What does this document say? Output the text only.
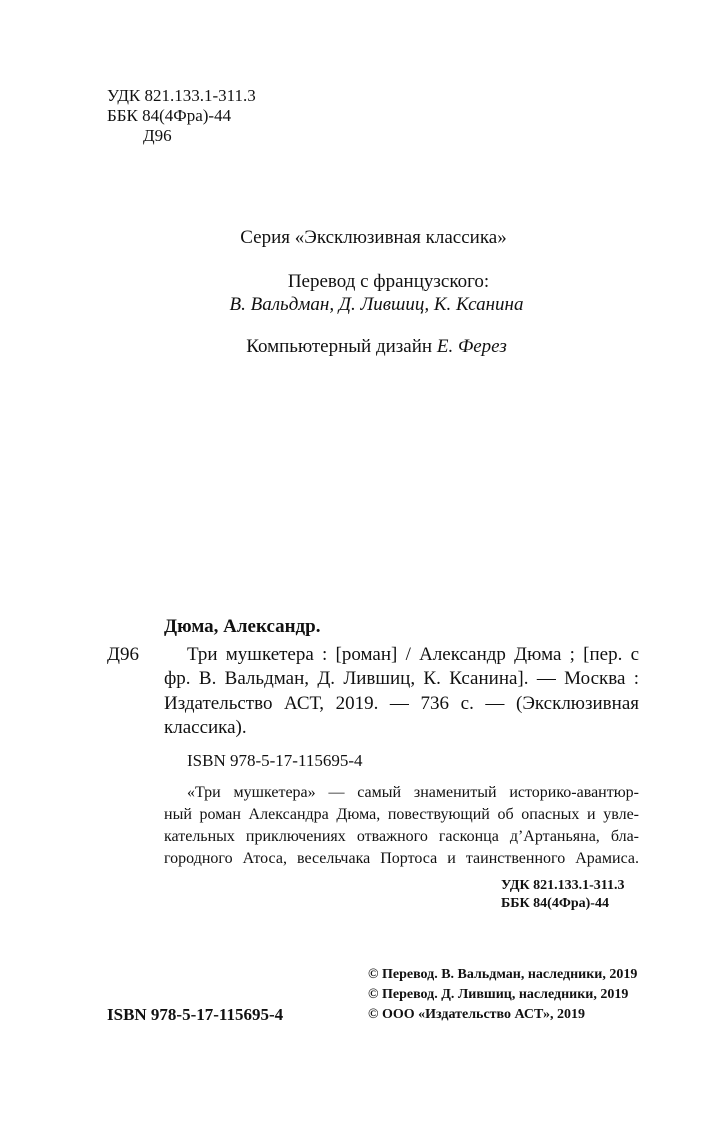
УДК 821.133.1-311.3
ББК 84(4Фра)-44
Д96
Серия «Эксклюзивная классика»
Перевод с французского:
В. Вальдман, Д. Лившиц, К. Ксанина
Компьютерный дизайн Е. Ферез
Дюма, Александр.
Д96	Три мушкетера : [роман] / Александр Дюма ; [пер. с
фр. В. Вальдман, Д. Лившиц, К. Ксанина]. — Москва :
Издательство АСТ, 2019. — 736 с. — (Эксклюзивная
классика).
ISBN 978-5-17-115695-4
«Три мушкетера» — самый знаменитый историко-авантюр-
ный роман Александра Дюма, повествующий об опасных и увле-
кательных приключениях отважного гасконца д’Артаньяна, бла-
городного Атоса, весельчака Портоса и таинственного Арамиса.
УДК 821.133.1-311.3
ББК 84(4Фра)-44
ISBN 978-5-17-115695-4
© Перевод. В. Вальдман, наследники, 2019
© Перевод. Д. Лившиц, наследники, 2019
© ООО «Издательство АСТ», 2019
